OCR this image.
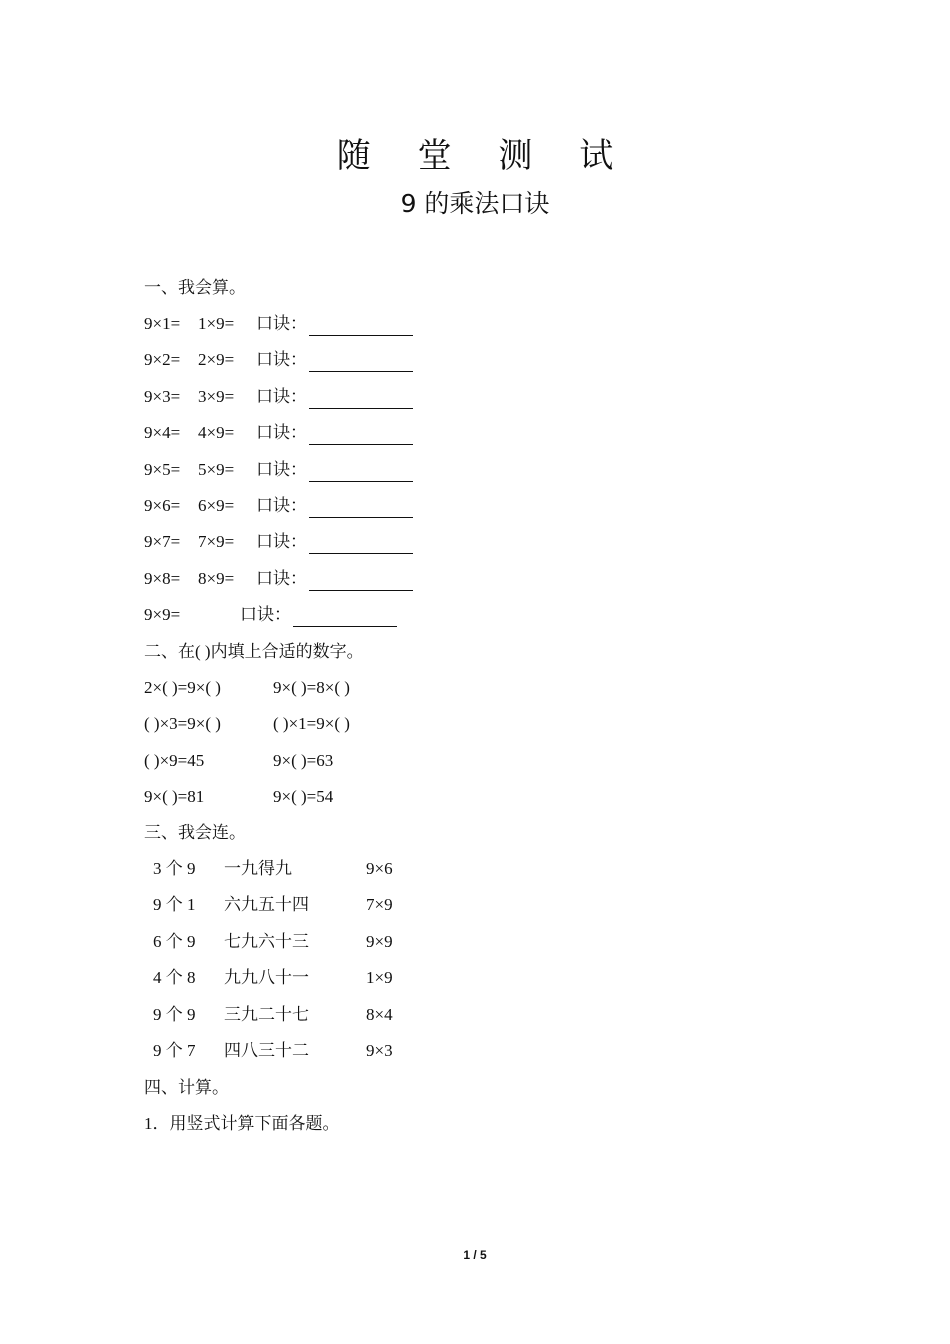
随 堂 测 试
9 的乘法口诀
一、我会算。
9×1= 1×9= 口诀：
9×2= 2×9= 口诀：
9×3= 3×9= 口诀：
9×4= 4×9= 口诀：
9×5= 5×9= 口诀：
9×6= 6×9= 口诀：
9×7= 7×9= 口诀：
9×8= 8×9= 口诀：
9×9=	口诀：
二、在( )内填上合适的数字。
2×( )=9×( )	9×( )=8×( )
( )×3=9×( )	( )×1=9×( )
( )×9=45	9×( )=63
9×( )=81	9×( )=54
三、我会连。
3 个 9 一九得九	9×6
9 个 1 六九五十四	7×9
6 个 9 七九六十三	9×9
4 个 8 九九八十一	1×9
9 个 9 三九二十七	8×4
9 个 7 四八三十二	9×3
四、计算。
1．用竖式计算下面各题。
1 / 5
